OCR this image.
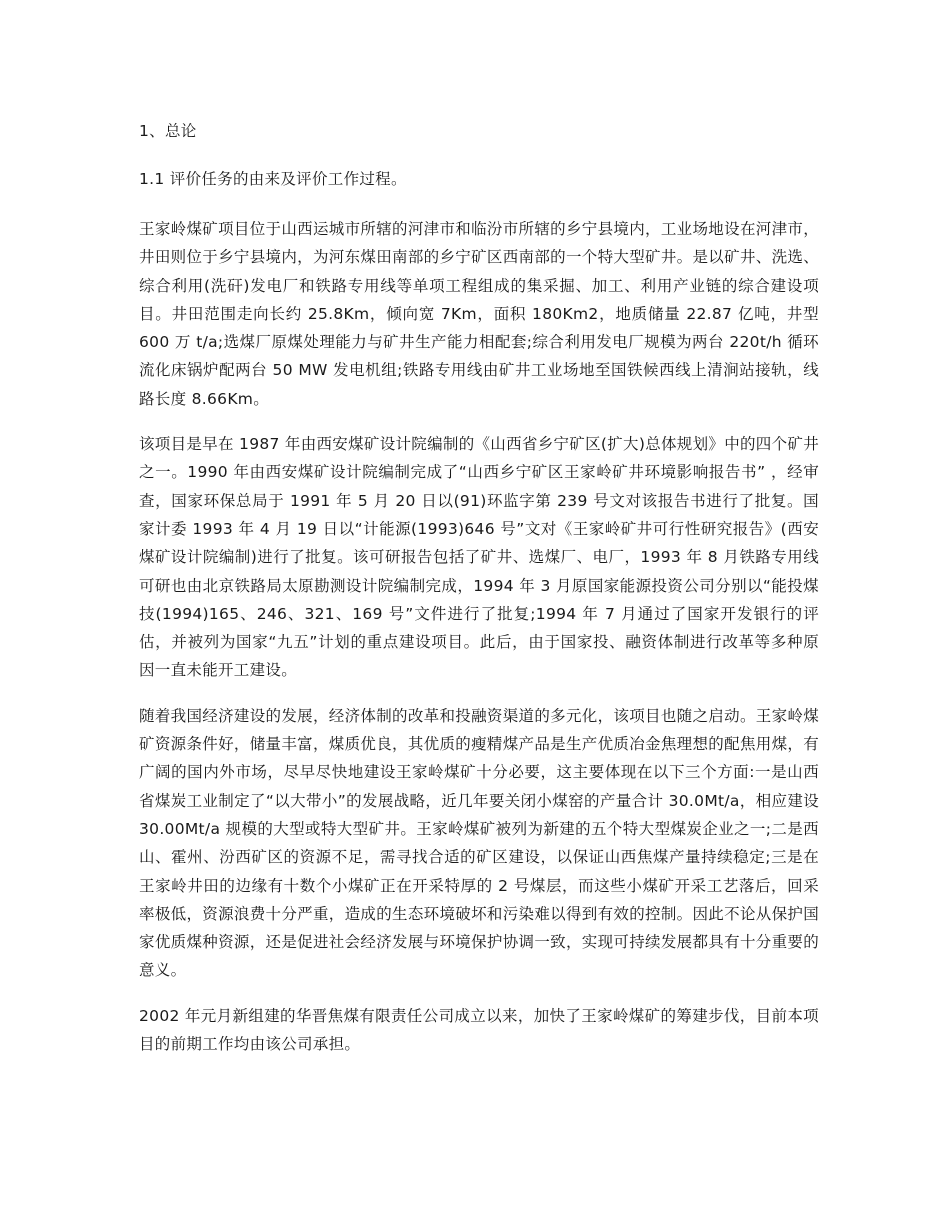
1、总论

1.1 评价任务的由来及评价工作过程。

王家岭煤矿项目位于山西运城市所辖的河津市和临汾市所辖的乡宁县境内，工业场地设在河津市，井田则位于乡宁县境内，为河东煤田南部的乡宁矿区西南部的一个特大型矿井。是以矿井、洗选、综合利用(洗矸)发电厂和铁路专用线等单项工程组成的集采掘、加工、利用产业链的综合建设项目。井田范围走向长约 25.8Km，倾向宽 7Km，面积 180Km2，地质储量 22.87 亿吨，井型 600 万 t/a;选煤厂原煤处理能力与矿井生产能力相配套;综合利用发电厂规模为两台 220t/h 循环流化床锅炉配两台 50 MW 发电机组;铁路专用线由矿井工业场地至国铁候西线上清涧站接轨，线路长度 8.66Km。

该项目是早在 1987 年由西安煤矿设计院编制的《山西省乡宁矿区(扩大)总体规划》中的四个矿井之一。1990 年由西安煤矿设计院编制完成了“山西乡宁矿区王家岭矿井环境影响报告书” ，经审查，国家环保总局于 1991 年 5 月 20 日以(91)环监字第 239 号文对该报告书进行了批复。国家计委 1993 年 4 月 19 日以“计能源(1993)646 号”文对《王家岭矿井可行性研究报告》(西安煤矿设计院编制)进行了批复。该可研报告包括了矿井、选煤厂、电厂，1993 年 8 月铁路专用线可研也由北京铁路局太原勘测设计院编制完成，1994 年 3 月原国家能源投资公司分别以“能投煤技(1994)165、246、321、169 号”文件进行了批复;1994 年 7 月通过了国家开发银行的评估，并被列为国家“九五”计划的重点建设项目。此后，由于国家投、融资体制进行改革等多种原因一直未能开工建设。

随着我国经济建设的发展，经济体制的改革和投融资渠道的多元化，该项目也随之启动。王家岭煤矿资源条件好，储量丰富，煤质优良，其优质的瘦精煤产品是生产优质冶金焦理想的配焦用煤，有广阔的国内外市场，尽早尽快地建设王家岭煤矿十分必要，这主要体现在以下三个方面:一是山西省煤炭工业制定了“以大带小”的发展战略，近几年要关闭小煤窑的产量合计 30.0Mt/a，相应建设 30.00Mt/a 规模的大型或特大型矿井。王家岭煤矿被列为新建的五个特大型煤炭企业之一;二是西山、霍州、汾西矿区的资源不足，需寻找合适的矿区建设，以保证山西焦煤产量持续稳定;三是在王家岭井田的边缘有十数个小煤矿正在开采特厚的 2 号煤层，而这些小煤矿开采工艺落后，回采率极低，资源浪费十分严重，造成的生态环境破坏和污染难以得到有效的控制。因此不论从保护国家优质煤种资源，还是促进社会经济发展与环境保护协调一致，实现可持续发展都具有十分重要的意义。

2002 年元月新组建的华晋焦煤有限责任公司成立以来，加快了王家岭煤矿的筹建步伐，目前本项目的前期工作均由该公司承担。
